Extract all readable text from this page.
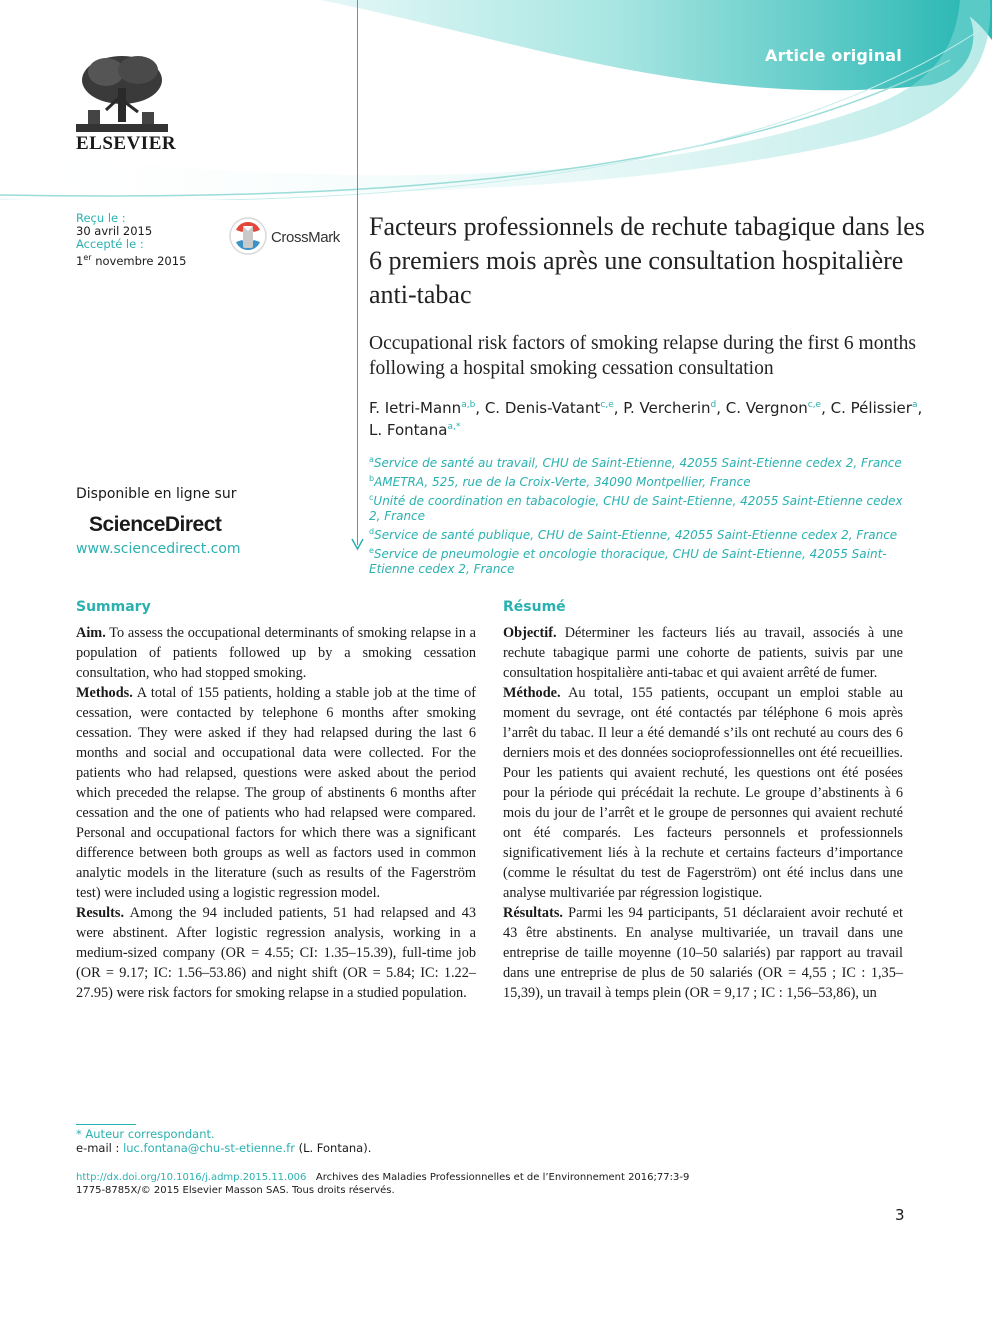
Article original
ELSEVIER
Reçu le :
30 avril 2015
Accepté le :
1er novembre 2015
CrossMark Facteurs professionnels de rechute tabagique dans les 6 premiers mois après une consultation hospitalière anti-tabac
Occupational risk factors of smoking relapse during the first 6 months following a hospital smoking cessation consultation
F. Ietri-Mann$^{a,b}$, C. Denis-Vatant$^{c,e}$, P. Vercherin$^d$, C. Vergnon$^{c,e}$, C. Pélissier$^a$, L. Fontana$^{a,*}$

$^a$Service de santé au travail, CHU de Saint-Etienne, 42055 Saint-Etienne cedex 2, France

$^b$AMETRA, 525, rue de la Croix-Verte, 34090 Montpellier, France

$^c$Unité de coordination en tabacologie, CHU de Saint-Etienne, 42055 Saint-Etienne cedex 2, France

$^d$Service de santé publique, CHU de Saint-Etienne, 42055 Saint-Etienne cedex 2, France

$^e$Service de pneumologie et oncologie thoracique, CHU de Saint-Etienne, 42055 Saint-Etienne cedex 2, France

Disponible en ligne sur
ScienceDirect
www.sciencedirect.com
Summary

Aim. To assess the occupational determinants of smoking relapse in a population of patients followed up by a smoking cessation consultation, who had stopped smoking.

Methods. A total of 155 patients, holding a stable job at the time of cessation, were contacted by telephone 6 months after smoking cessation. They were asked if they had relapsed during the last 6 months and social and occupational data were collected. For the patients who had relapsed, questions were asked about the period which preceded the relapse. The group of abstinents 6 months after cessation and the one of patients who had relapsed were compared. Personal and occupational factors for which there was a significant difference between both groups as well as factors used in common analytic models in the literature (such as results of the Fagerström test) were included using a logistic regression model.

Results. Among the 94 included patients, 51 had relapsed and 43 were abstinent. After logistic regression analysis, working in a medium-sized company (OR = 4.55; CI: 1.35–15.39), full-time job (OR = 9.17; IC: 1.56–53.86) and night shift (OR = 5.84; IC: 1.22–27.95) were risk factors for smoking relapse in a studied population.

Résumé

Objectif. Déterminer les facteurs liés au travail, associés à une rechute tabagique parmi une cohorte de patients, suivis par une consultation hospitalière anti-tabac et qui avaient arrêté de fumer.

Méthode. Au total, 155 patients, occupant un emploi stable au moment du sevrage, ont été contactés par téléphone 6 mois après l’arrêt du tabac. Il leur a été demandé s’ils ont rechuté au cours des 6 derniers mois et des données socioprofessionnelles ont été recueillies. Pour les patients qui avaient rechuté, les questions ont été posées pour la période qui précédait la rechute. Le groupe d’abstinents à 6 mois du jour de l’arrêt et le groupe de personnes qui avaient rechuté ont été comparés. Les facteurs personnels et professionnels significativement liés à la rechute et certains facteurs d’importance (comme le résultat du test de Fagerström) ont été inclus dans une analyse multivariée par régression logistique.

Résultats. Parmi les 94 participants, 51 déclaraient avoir rechuté et 43 être abstinents. En analyse multivariée, un travail dans une entreprise de taille moyenne (10–50 salariés) par rapport au travail dans une entreprise de plus de 50 salariés (OR = 4,55 ; IC : 1,35–15,39), un travail à temps plein (OR = 9,17 ; IC : 1,56–53,86), un

* Auteur correspondant.
e-mail : luc.fontana@chu-st-etienne.fr (L. Fontana).
http://dx.doi.org/10.1016/j.admp.2015.11.006 Archives des Maladies Professionnelles et de l’Environnement 2016;77:3-9
1775-8785X/© 2015 Elsevier Masson SAS. Tous droits réservés.
3
